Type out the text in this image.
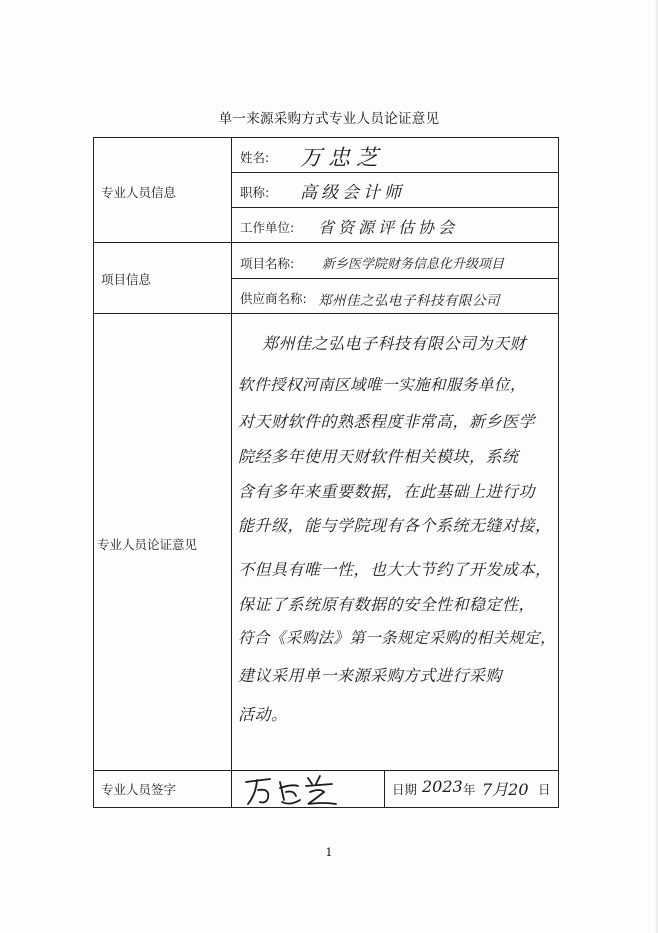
单一来源采购方式专业人员论证意见
专业人员信息
项目信息
专业人员论证意见
专业人员签字
姓名:
职称:
工作单位:
项目名称:
供应商名称:
万忠芝
高级会计师
省资源评估协会
新乡医学院财务信息化升级项目
郑州佳之弘电子科技有限公司
郑州佳之弘电子科技有限公司为天财
软件授权河南区域唯一实施和服务单位，
对天财软件的熟悉程度非常高，新乡医学
院经多年使用天财软件相关模块，系统
含有多年来重要数据，在此基础上进行功
能升级，能与学院现有各个系统无缝对接，
不但具有唯一性，也大大节约了开发成本，
保证了系统原有数据的安全性和稳定性，
符合《采购法》第一条规定采购的相关规定，
建议采用单一来源采购方式进行采购
活动。
日期 2023 年 7月20 日
1
